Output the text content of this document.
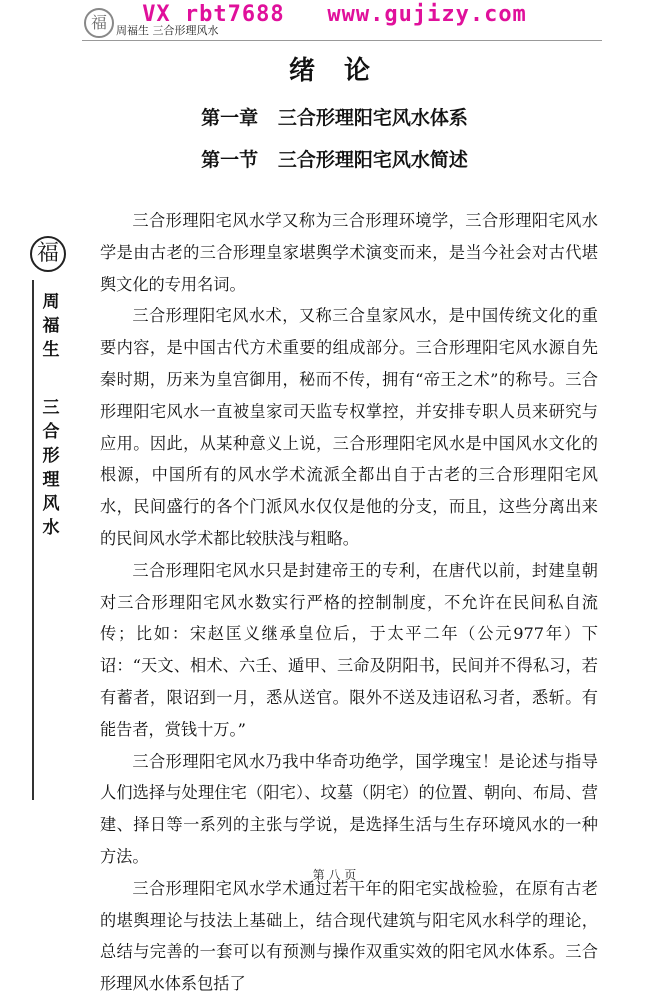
VX rbt7688   www.gujizy.com
福 周福生 三合形理风水
绪 论
第一章   三合形理阳宅风水体系
第一节   三合形理阳宅风水简述
福
周福生
三合形理风水

三合形理阳宅风水学又称为三合形理环境学，三合形理阳宅风水学是由古老的三合形理皇家堪舆学术演变而来，是当今社会对古代堪舆文化的专用名词。

三合形理阳宅风水术，又称三合皇家风水，是中国传统文化的重要内容，是中国古代方术重要的组成部分。三合形理阳宅风水源自先秦时期，历来为皇宫御用，秘而不传，拥有“帝王之术”的称号。三合形理阳宅风水一直被皇家司天监专权掌控，并安排专职人员来研究与应用。因此，从某种意义上说，三合形理阳宅风水是中国风水文化的根源，中国所有的风水学术流派全都出自于古老的三合形理阳宅风水，民间盛行的各个门派风水仅仅是他的分支，而且，这些分离出来的民间风水学术都比较肤浅与粗略。

三合形理阳宅风水只是封建帝王的专利，在唐代以前，封建皇朝对三合形理阳宅风水数实行严格的控制制度，不允许在民间私自流传；比如：宋赵匡义继承皇位后，于太平二年（公元977年）下诏：“天文、相术、六壬、遁甲、三命及阴阳书，民间并不得私习，若有蓄者，限诏到一月，悉从送官。限外不送及违诏私习者，悉斩。有能告者，赏钱十万。”

三合形理阳宅风水乃我中华奇功绝学，国学瑰宝！是论述与指导人们选择与处理住宅（阳宅）、坟墓（阴宅）的位置、朝向、布局、营建、择日等一系列的主张与学说，是选择生活与生存环境风水的一种方法。

三合形理阳宅风水学术通过若干年的阳宅实战检验，在原有古老的堪舆理论与技法上基础上，结合现代建筑与阳宅风水科学的理论，总结与完善的一套可以有预测与操作双重实效的阳宅风水体系。三合形理风水体系包括了

第 八 页
